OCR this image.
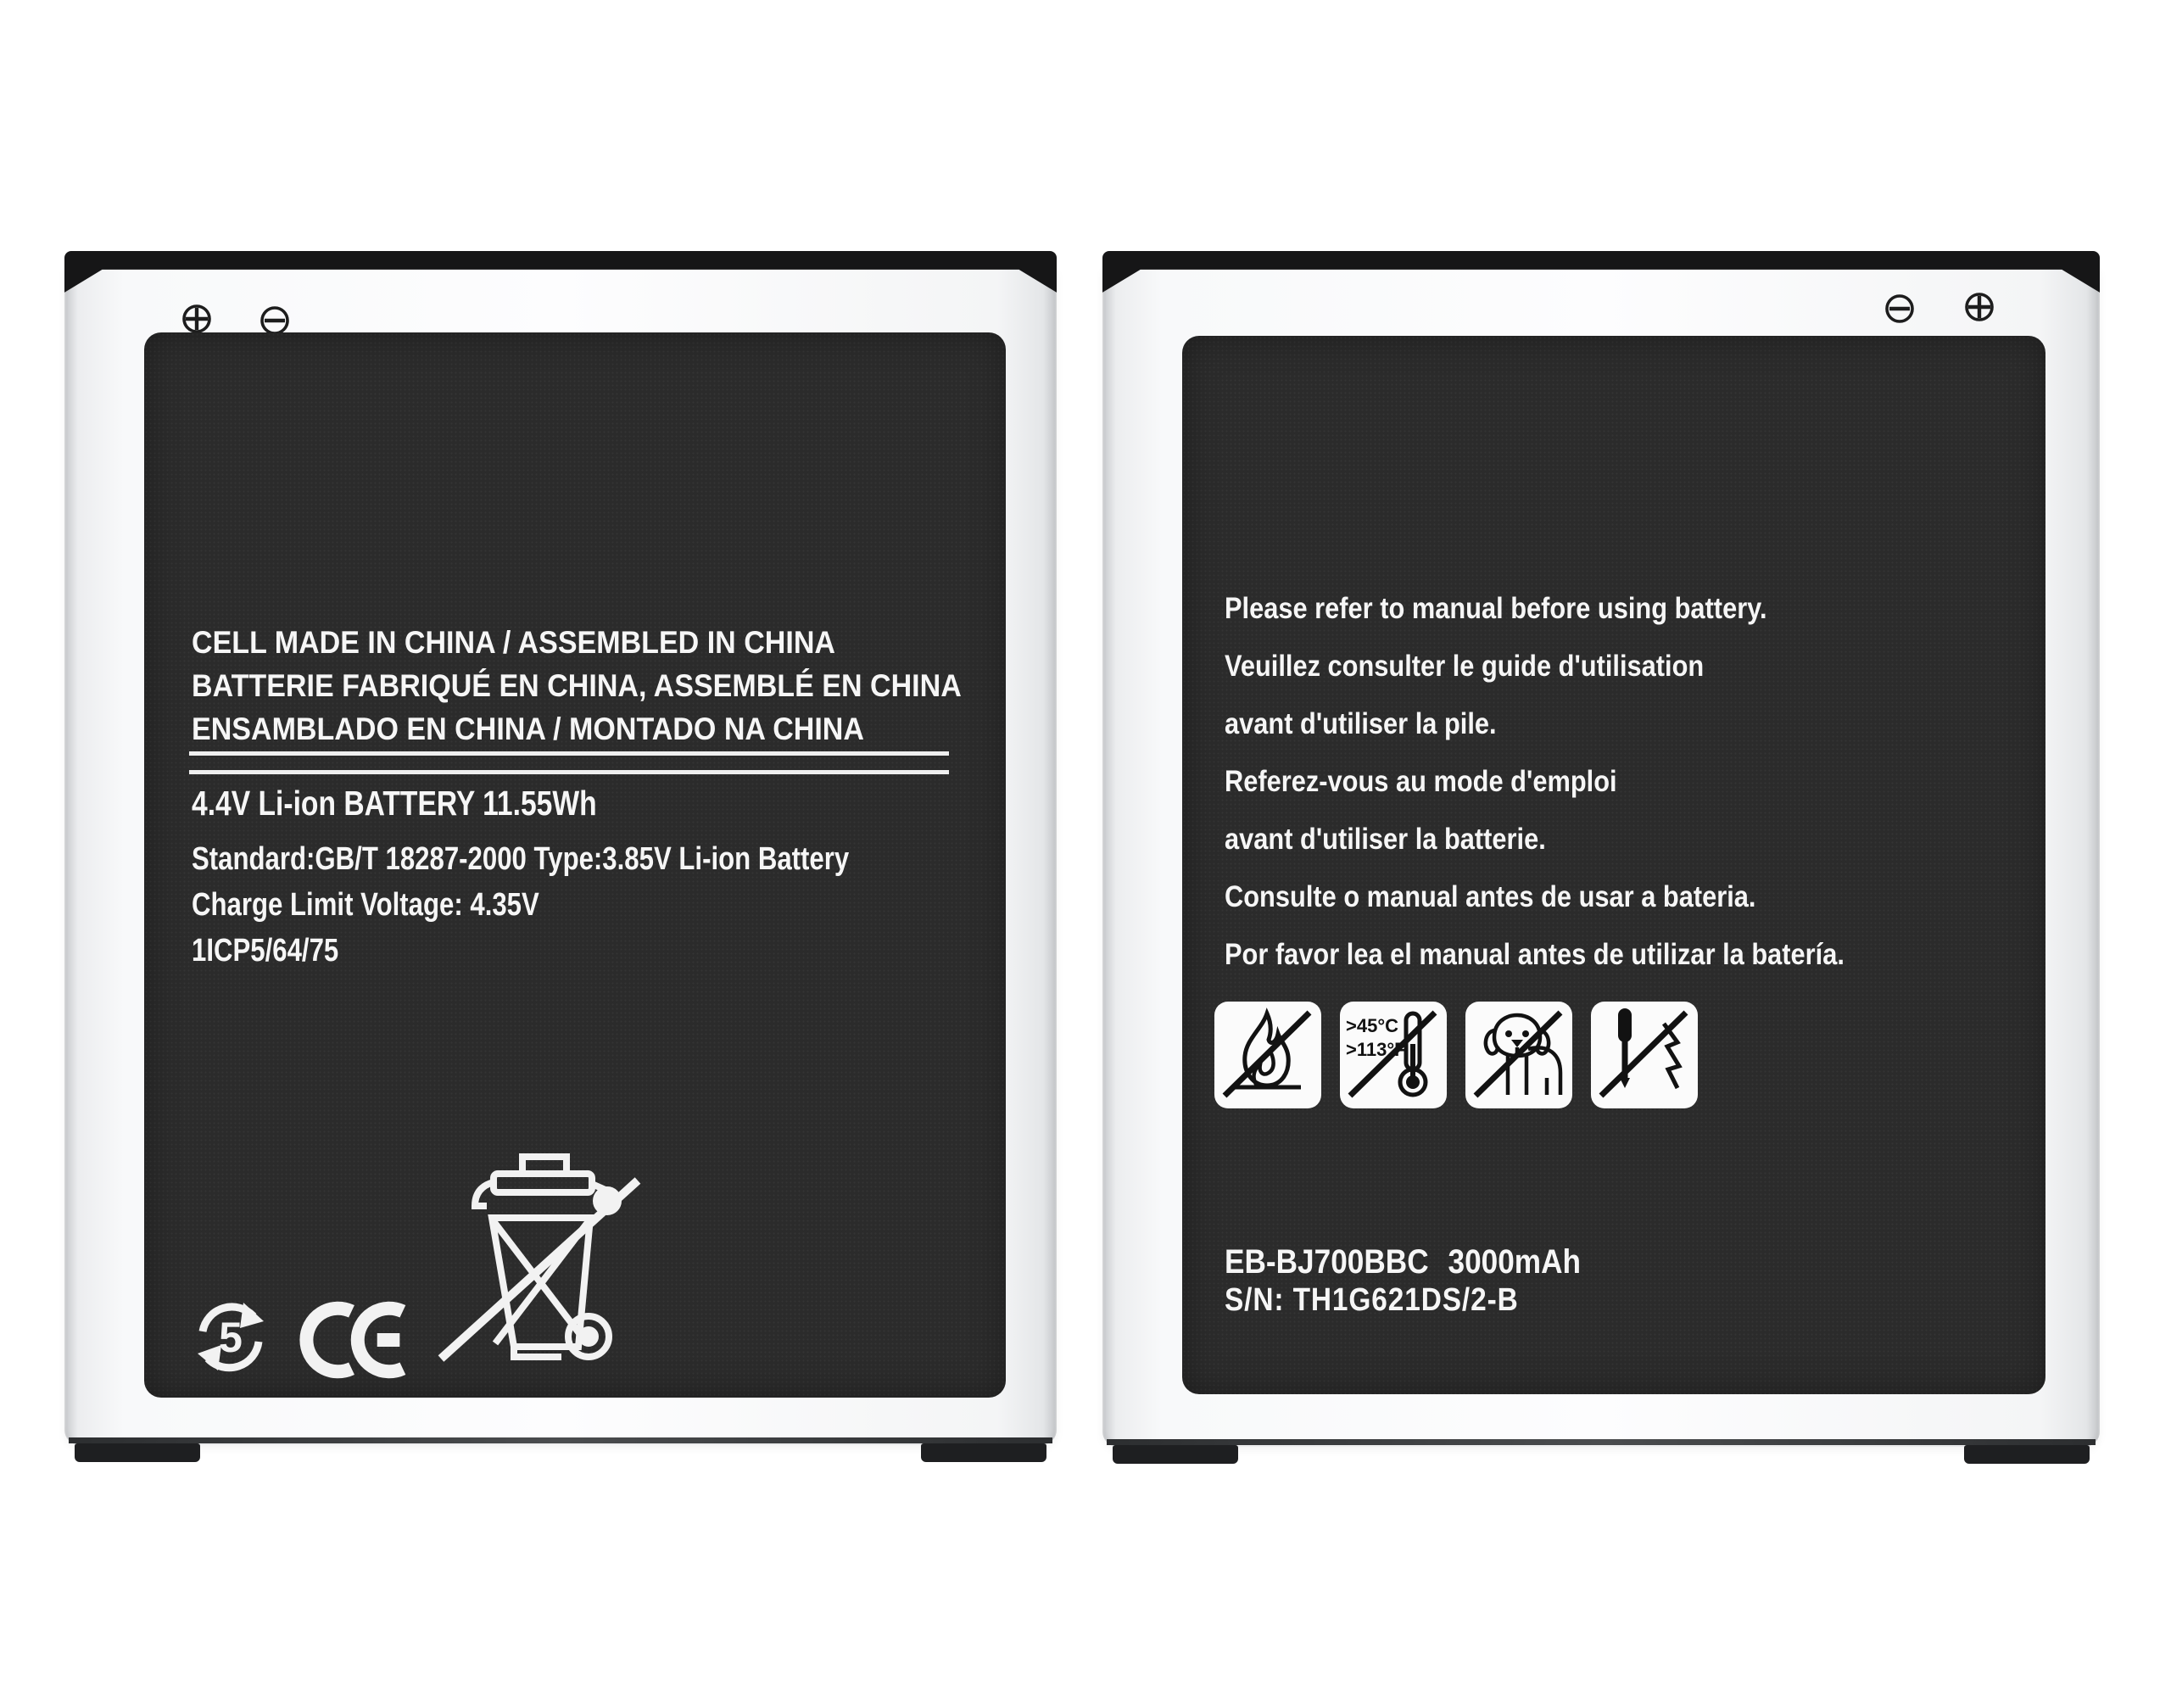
CELL MADE IN CHINA / ASSEMBLED IN CHINA
BATTERIE FABRIQUÉ EN CHINA, ASSEMBLÉ EN CHINA
ENSAMBLADO EN CHINA / MONTADO NA CHINA
4.4V Li-ion BATTERY 11.55Wh
Standard:GB/T 18287-2000 Type:3.85V Li-ion Battery
Charge Limit Voltage: 4.35V
1ICP5/64/75
5
Please refer to manual before using battery.
Veuillez consulter le guide d'utilisation
avant d'utiliser la pile.
Referez-vous au mode d'emploi
avant d'utiliser la batterie.
Consulte o manual antes de usar a bateria.
Por favor lea el manual antes de utilizar la batería.
>45°C
>113°F
EB-BJ700BBC 3000mAh
S/N: TH1G621DS/2-B
